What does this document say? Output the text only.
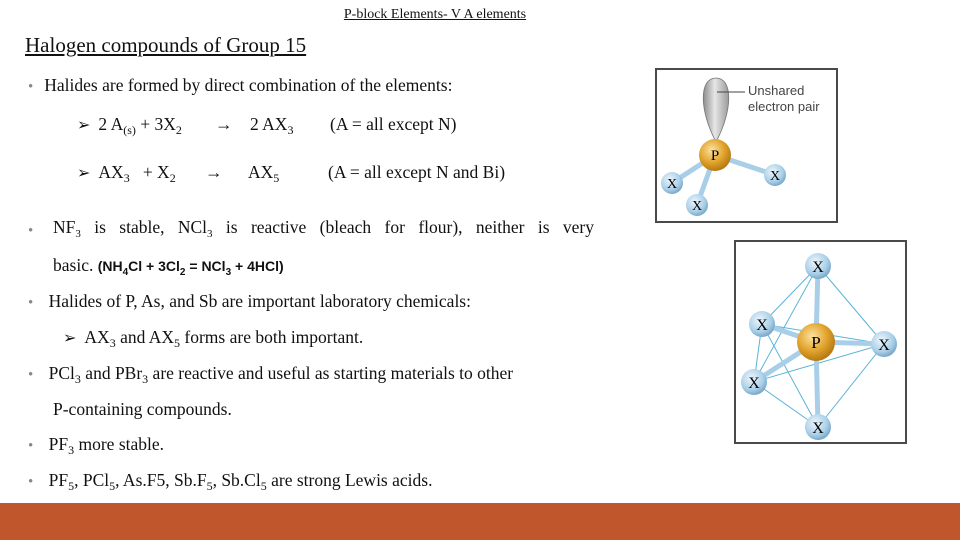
P-block Elements- V A elements
Halogen compounds of Group 15
• Halides are formed by direct combination of the elements:
➢ 2 $A_{(s)} + 3X_2 \to 2$ $AX_3$ (A = all except N)
➢ $AX_3 + X_2 \to AX_5$	(A = all except N and Bi)
•	$NF_3$ is stable, NCl$_3$ is reactive (bleach for flour), neither is very
basic. $(NH_4Cl + 3Cl_2 = NCl_3 + 4HCl)$
• Halides of P, As, and Sb are important laboratory chemicals:
➢ $AX_3$ and $AX_5$ forms are both important.
• PCl$_3$ and PBr$_3$ are reactive and useful as starting materials to other
P-containing compounds.
• $PF_3$ more stable.
• $PF_5$, PCl$_5$, As.F5, $Sb.F_5$, $Sb.Cl_5$ are strong Lewis acids.
Unshared
electron pair
P
X
X
X
X
X
P	X
X
X
